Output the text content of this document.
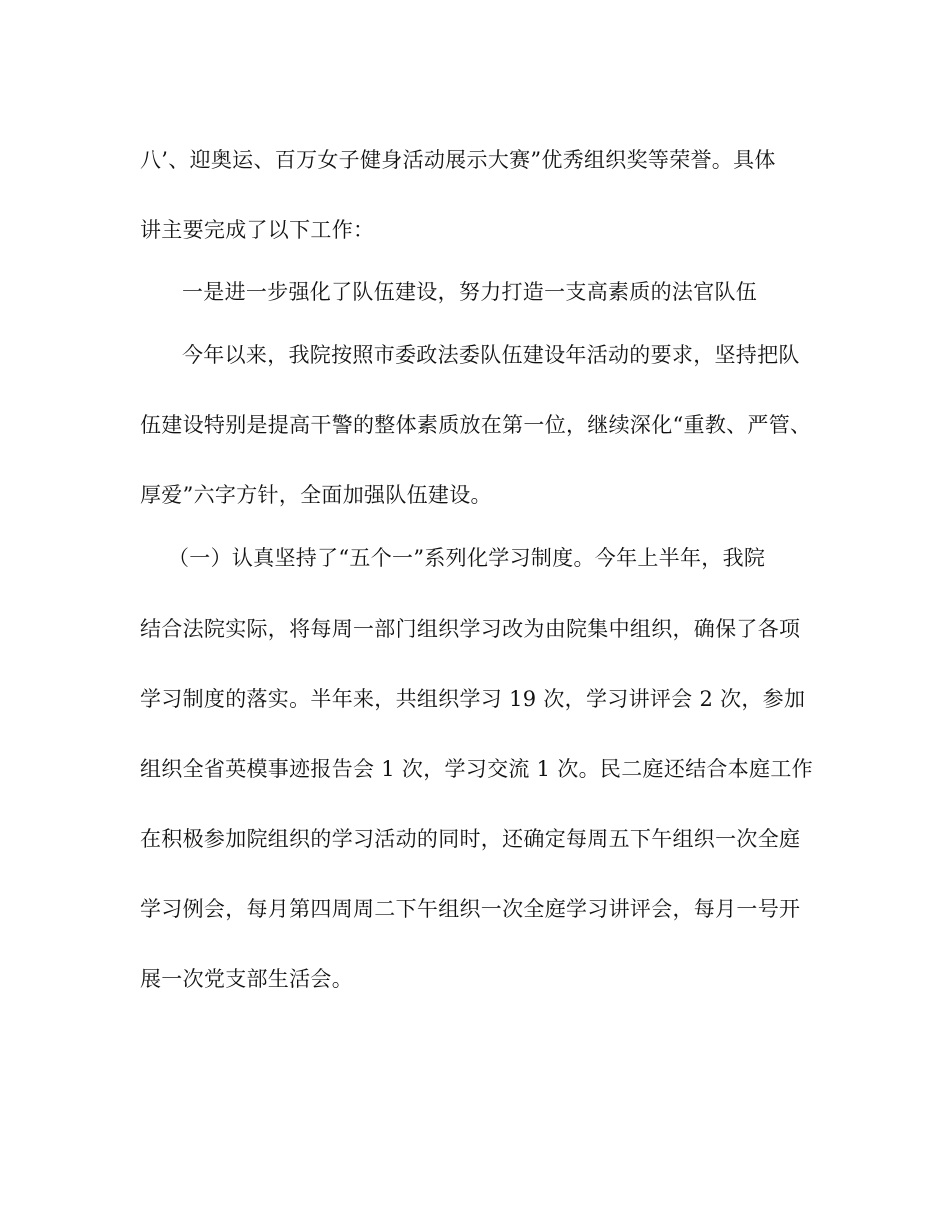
八’、迎奥运、百万女子健身活动展示大赛”优秀组织奖等荣誉。具体
讲主要完成了以下工作：
一是进一步强化了队伍建设，努力打造一支高素质的法官队伍
今年以来，我院按照市委政法委队伍建设年活动的要求，坚持把队
伍建设特别是提高干警的整体素质放在第一位，继续深化“重教、严管、
厚爱”六字方针，全面加强队伍建设。
（一）认真坚持了“五个一”系列化学习制度。今年上半年，我院
结合法院实际，将每周一部门组织学习改为由院集中组织，确保了各项
学习制度的落实。半年来，共组织学习 19 次，学习讲评会 2 次，参加
组织全省英模事迹报告会 1 次，学习交流 1 次。民二庭还结合本庭工作
在积极参加院组织的学习活动的同时，还确定每周五下午组织一次全庭
学习例会，每月第四周周二下午组织一次全庭学习讲评会，每月一号开
展一次党支部生活会。
